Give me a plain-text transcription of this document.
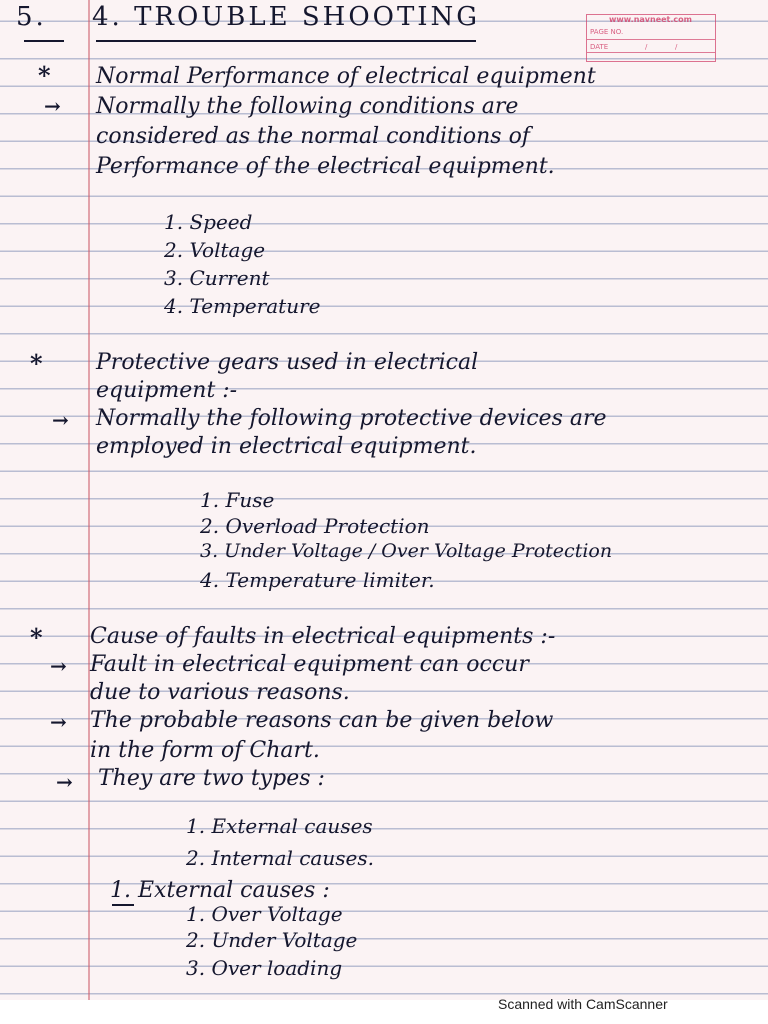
www.navneet.com
PAGE NO.
DATE	/	/
5. 4. TROUBLE SHOOTING
* Normal Performance of electrical equipment
→ Normally the following conditions are
considered as the normal conditions of
Performance of the electrical equipment.
1. Speed
2. Voltage
3. Current
4. Temperature
* Protective gears used in electrical
equipment :-
→ Normally the following protective devices are
employed in electrical equipment.
1. Fuse
2. Overload Protection
3. Under Voltage / Over Voltage Protection
4. Temperature limiter.
* Cause of faults in electrical equipments :-
→ Fault in electrical equipment can occur
due to various reasons.
→ The probable reasons can be given below
in the form of Chart.
→ They are two types :
1. External causes
2. Internal causes.
1. External causes :
1. Over Voltage
2. Under Voltage
3. Over loading
Scanned with CamScanner
